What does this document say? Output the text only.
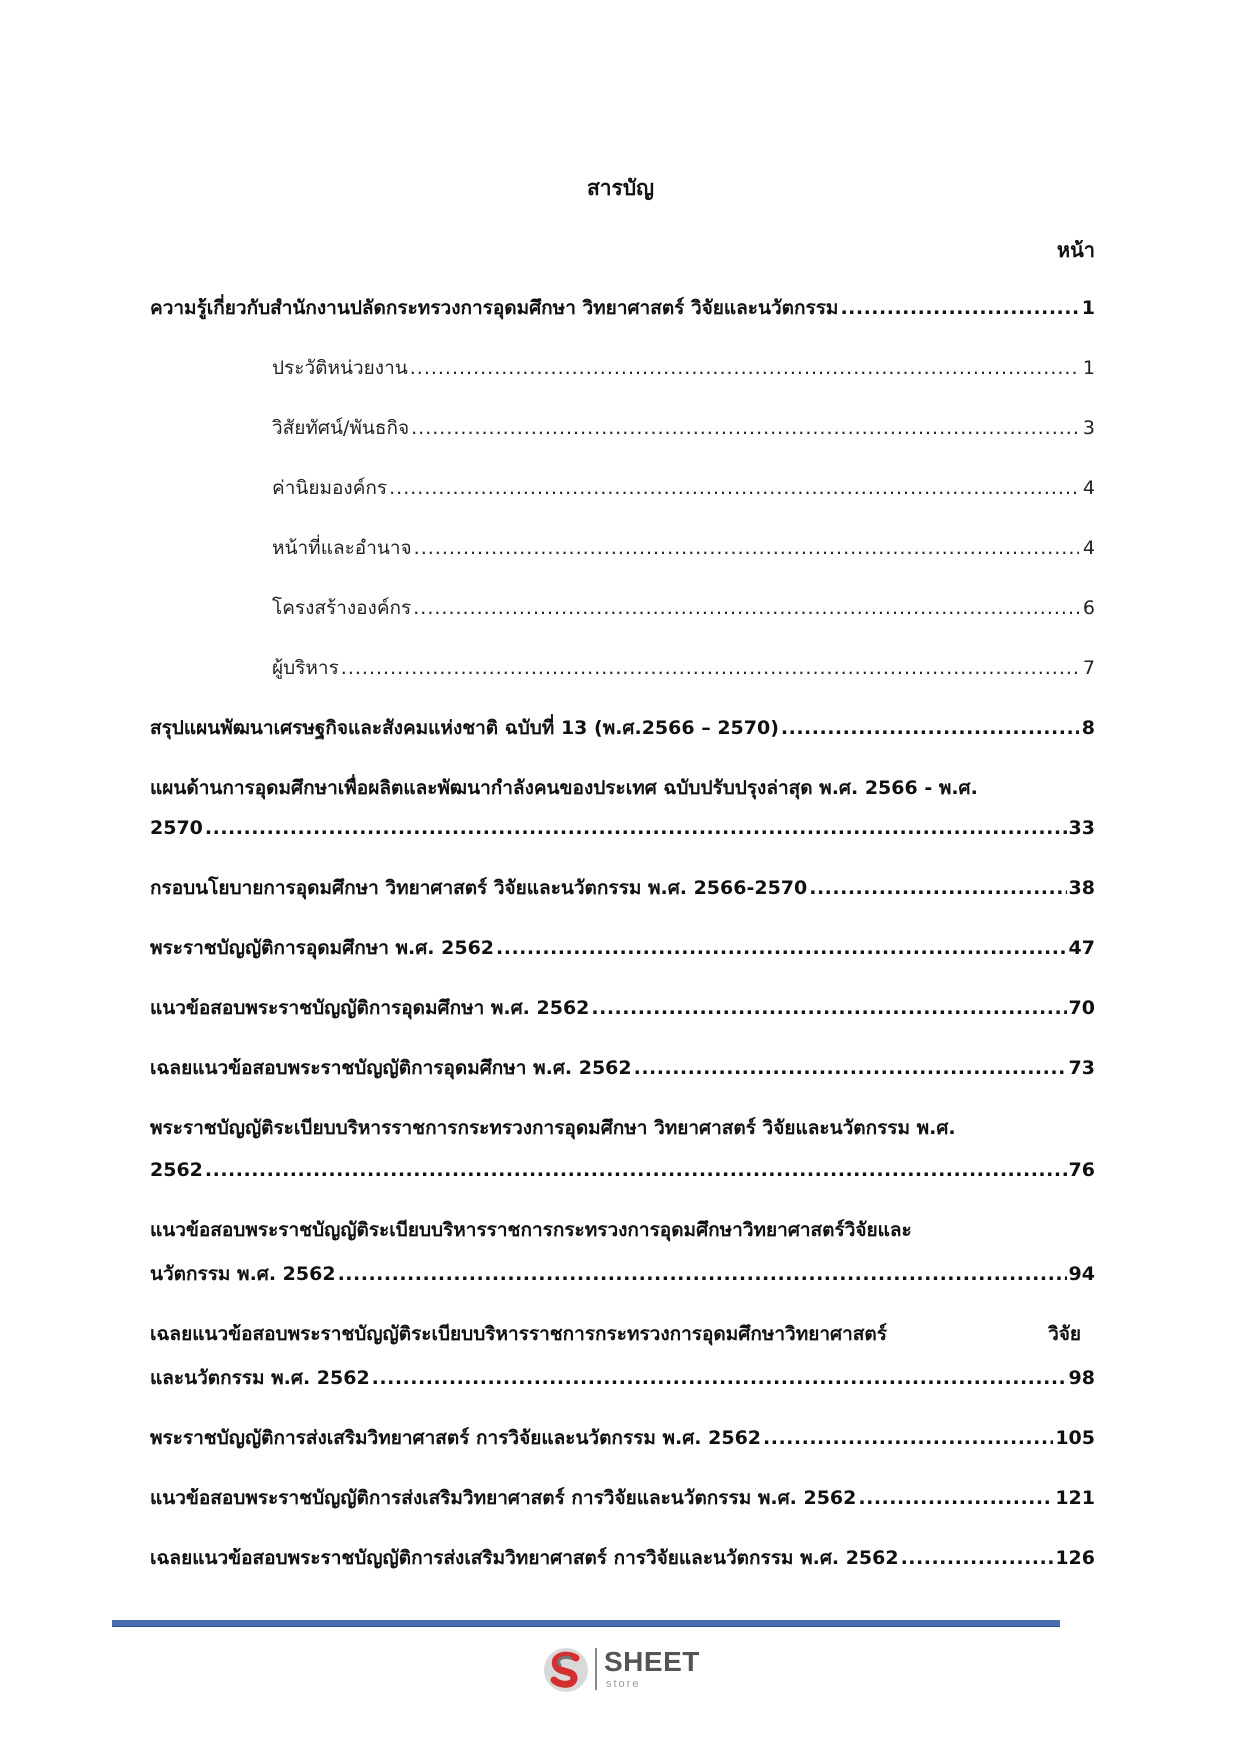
สารบัญ
หน้า
ความรู้เกี่ยวกับสำนักงานปลัดกระทรวงการอุดมศึกษา วิทยาศาสตร์ วิจัยและนวัตกรรม .....	1
ประวัติหน่วยงาน .....	1
วิสัยทัศน์/พันธกิจ .....	3
ค่านิยมองค์กร .....	4
หน้าที่และอำนาจ .....	4
โครงสร้างองค์กร .....	6
ผู้บริหาร .....	7
สรุปแผนพัฒนาเศรษฐกิจและสังคมแห่งชาติ ฉบับที่ 13 (พ.ศ.2566 – 2570) .....	8
แผนด้านการอุดมศึกษาเพื่อผลิตและพัฒนากำลังคนของประเทศ ฉบับปรับปรุงล่าสุด พ.ศ. 2566 - พ.ศ.
2570 .....	33
กรอบนโยบายการอุดมศึกษา วิทยาศาสตร์ วิจัยและนวัตกรรม พ.ศ. 2566-2570 .....	38
พระราชบัญญัติการอุดมศึกษา พ.ศ. 2562 .....	47
แนวข้อสอบพระราชบัญญัติการอุดมศึกษา พ.ศ. 2562 .....	70
เฉลยแนวข้อสอบพระราชบัญญัติการอุดมศึกษา พ.ศ. 2562 .....	73
พระราชบัญญัติระเบียบบริหารราชการกระทรวงการอุดมศึกษา วิทยาศาสตร์ วิจัยและนวัตกรรม พ.ศ.
2562 .....	76
แนวข้อสอบพระราชบัญญัติระเบียบบริหารราชการกระทรวงการอุดมศึกษาวิทยาศาสตร์วิจัยและ
นวัตกรรม พ.ศ. 2562 .....	94
เฉลยแนวข้อสอบพระราชบัญญัติระเบียบบริหารราชการกระทรวงการอุดมศึกษาวิทยาศาสตร์	วิจัย
และนวัตกรรม พ.ศ. 2562 .....	98
พระราชบัญญัติการส่งเสริมวิทยาศาสตร์ การวิจัยและนวัตกรรม พ.ศ. 2562 .....	105
แนวข้อสอบพระราชบัญญัติการส่งเสริมวิทยาศาสตร์ การวิจัยและนวัตกรรม พ.ศ. 2562 .....	121
เฉลยแนวข้อสอบพระราชบัญญัติการส่งเสริมวิทยาศาสตร์ การวิจัยและนวัตกรรม พ.ศ. 2562 .....	126
SHEET
store
